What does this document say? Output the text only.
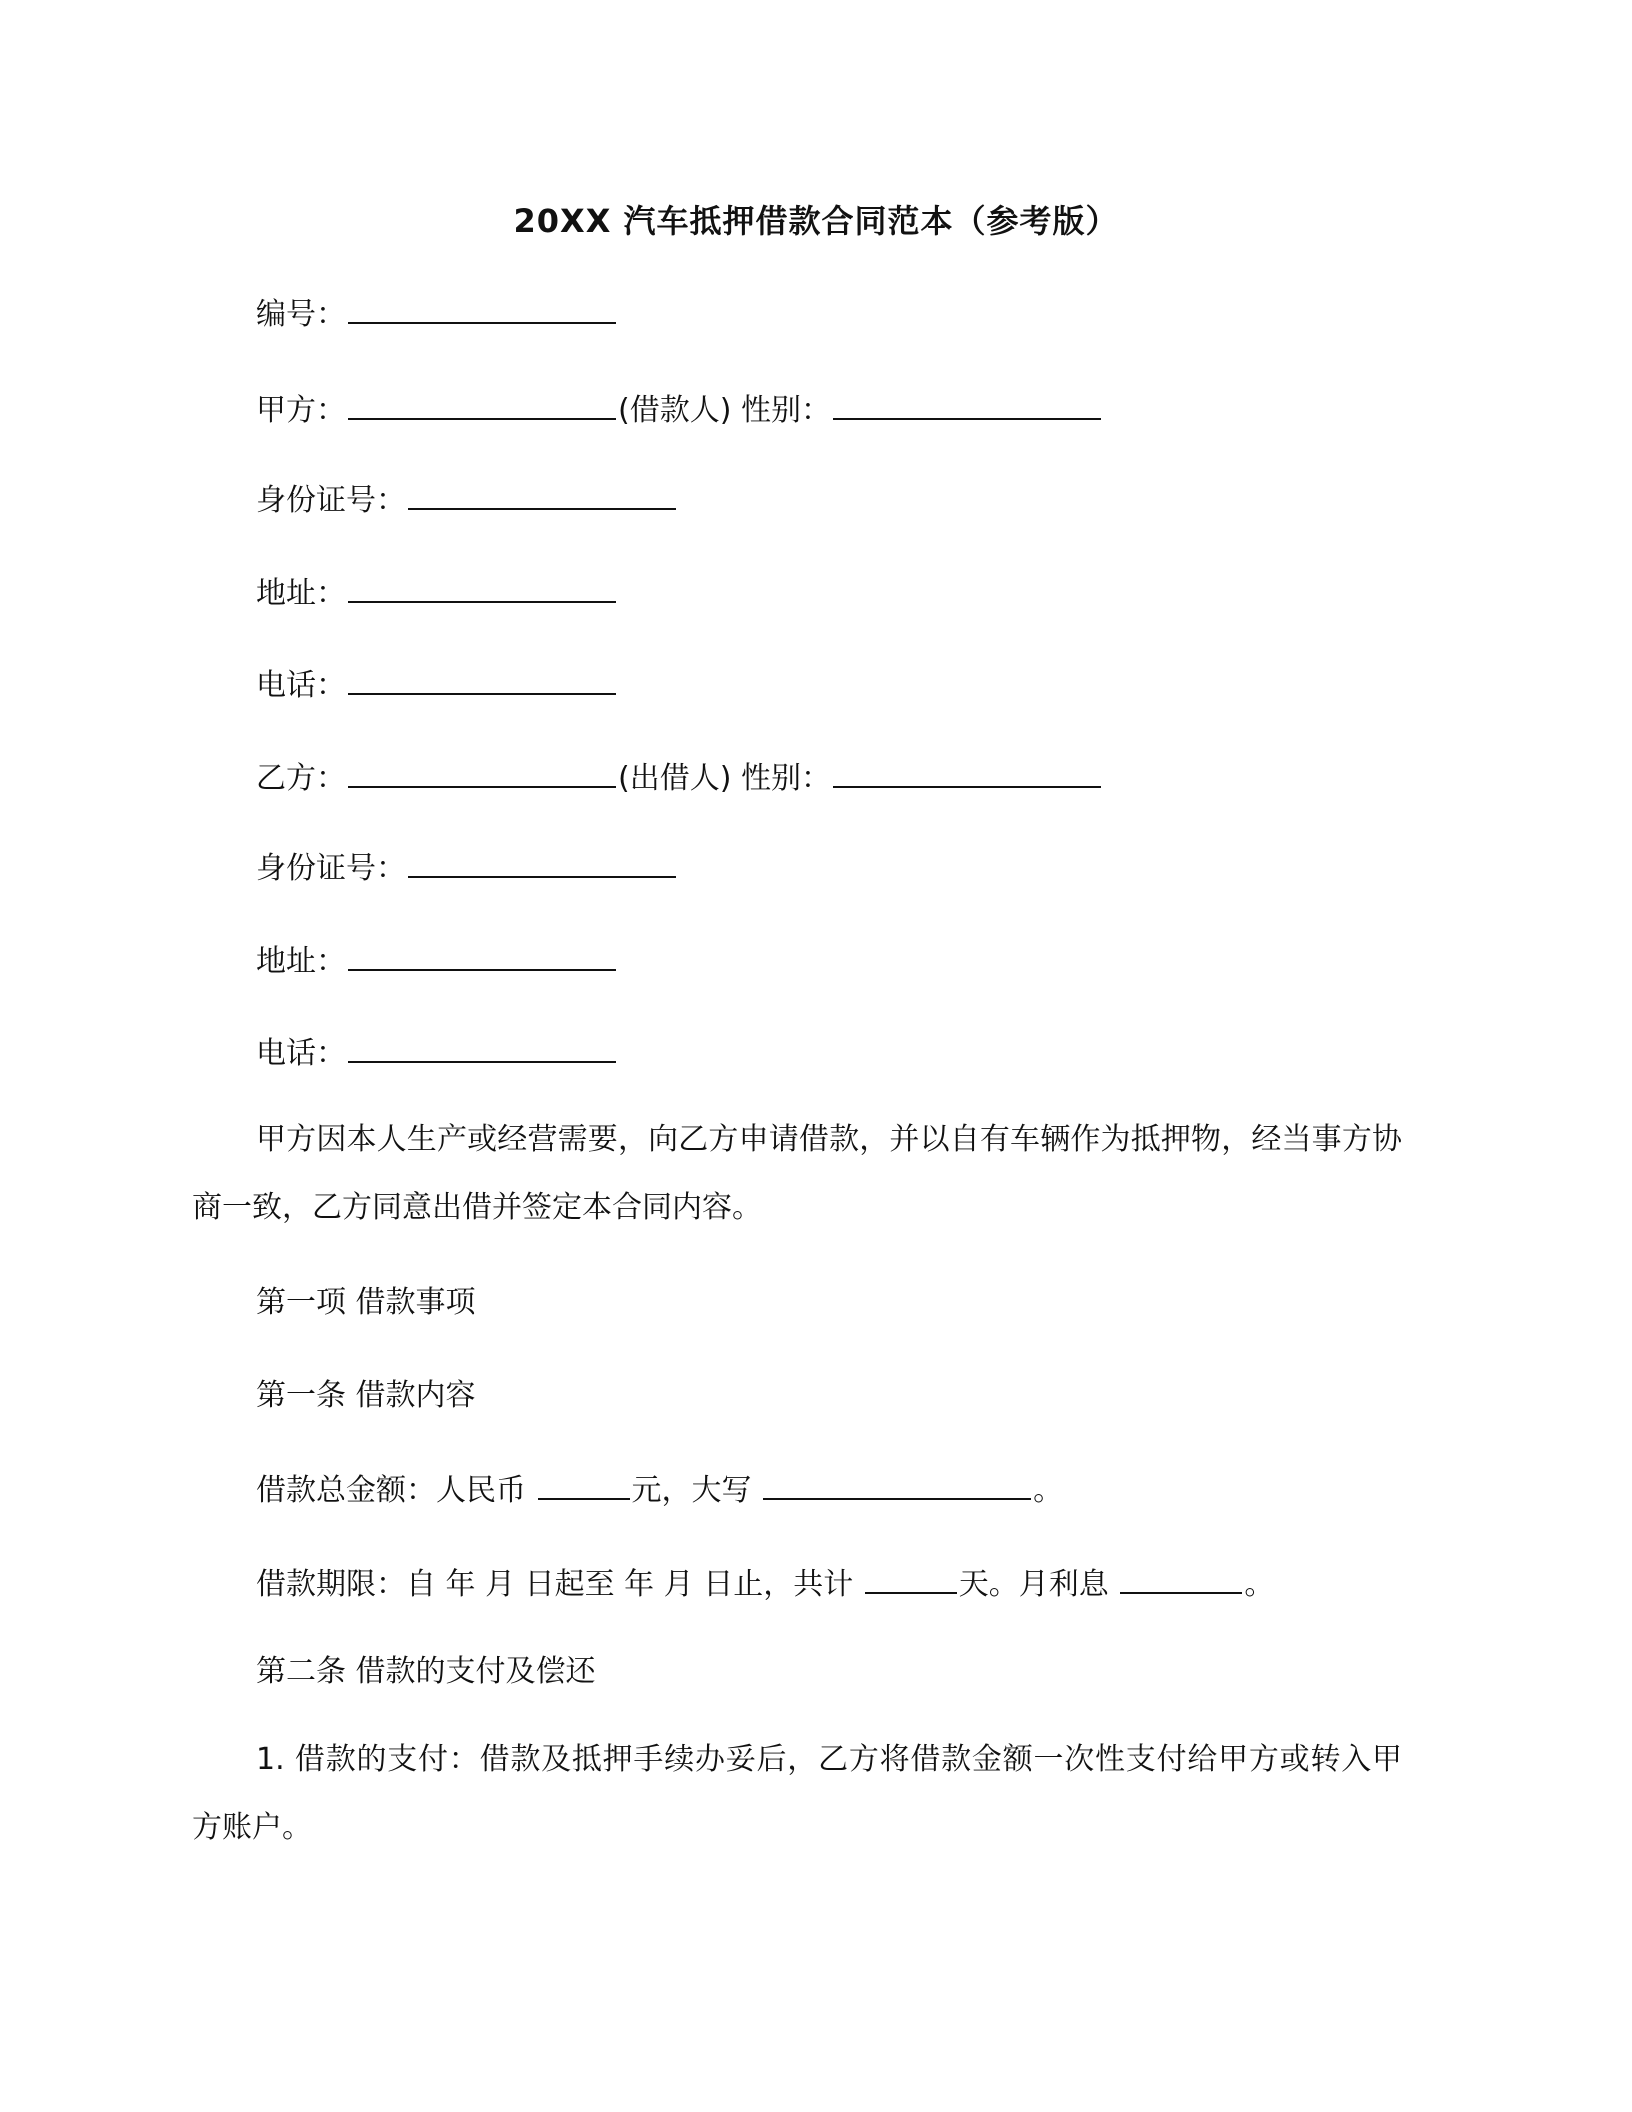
20XX 汽车抵押借款合同范本（参考版）
编号：
甲方：	(借款人) 性别：
身份证号：
地址：
电话：
乙方：	(出借人) 性别：
身份证号：
地址：
电话：
甲方因本人生产或经营需要，向乙方申请借款，并以自有车辆作为抵押物，经当事方协商一致，乙方同意出借并签定本合同内容。
第一项 借款事项
第一条 借款内容
借款总金额：人民币	元，大写	。
借款期限：自 年 月 日起至 年 月 日止，共计	天。月利息	。
第二条 借款的支付及偿还
1. 借款的支付：借款及抵押手续办妥后，乙方将借款金额一次性支付给甲方或转入甲方账户。
